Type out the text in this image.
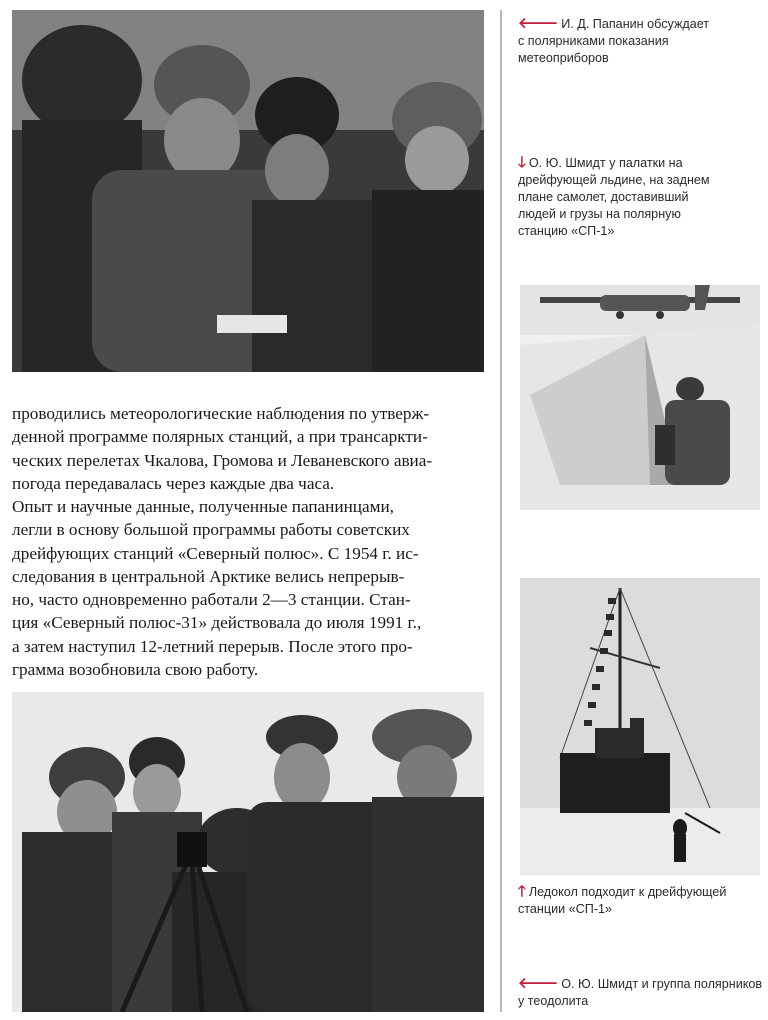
проводились метеорологические наблюдения по утверж-
денной программе полярных станций, а при трансаркти-
ческих перелетах Чкалова, Громова и Леваневского авиа-
погода передавалась через каждые два часа.

Опыт и научные данные, полученные папанинцами,
легли в основу большой программы работы советских
дрейфующих станций «Северный полюс». С 1954 г. ис-
следования в центральной Арктике велись непрерыв-
но, часто одновременно работали 2—3 станции. Стан-
ция «Северный полюс-31» действовала до июля 1991 г.,
а затем наступил 12-летний перерыв. После этого про-
грамма возобновила свою работу.

🡐 И. Д. Папанин обсуждает
с полярниками показания
метеоприборов
🡓 О. Ю. Шмидт у палатки на
дрейфующей льдине, на заднем
плане самолет, доставивший
людей и грузы на полярную
станцию «СП-1»
🡑 Ледокол подходит к дрейфующей
станции «СП-1»
🡐 О. Ю. Шмидт и группа полярников
у теодолита
